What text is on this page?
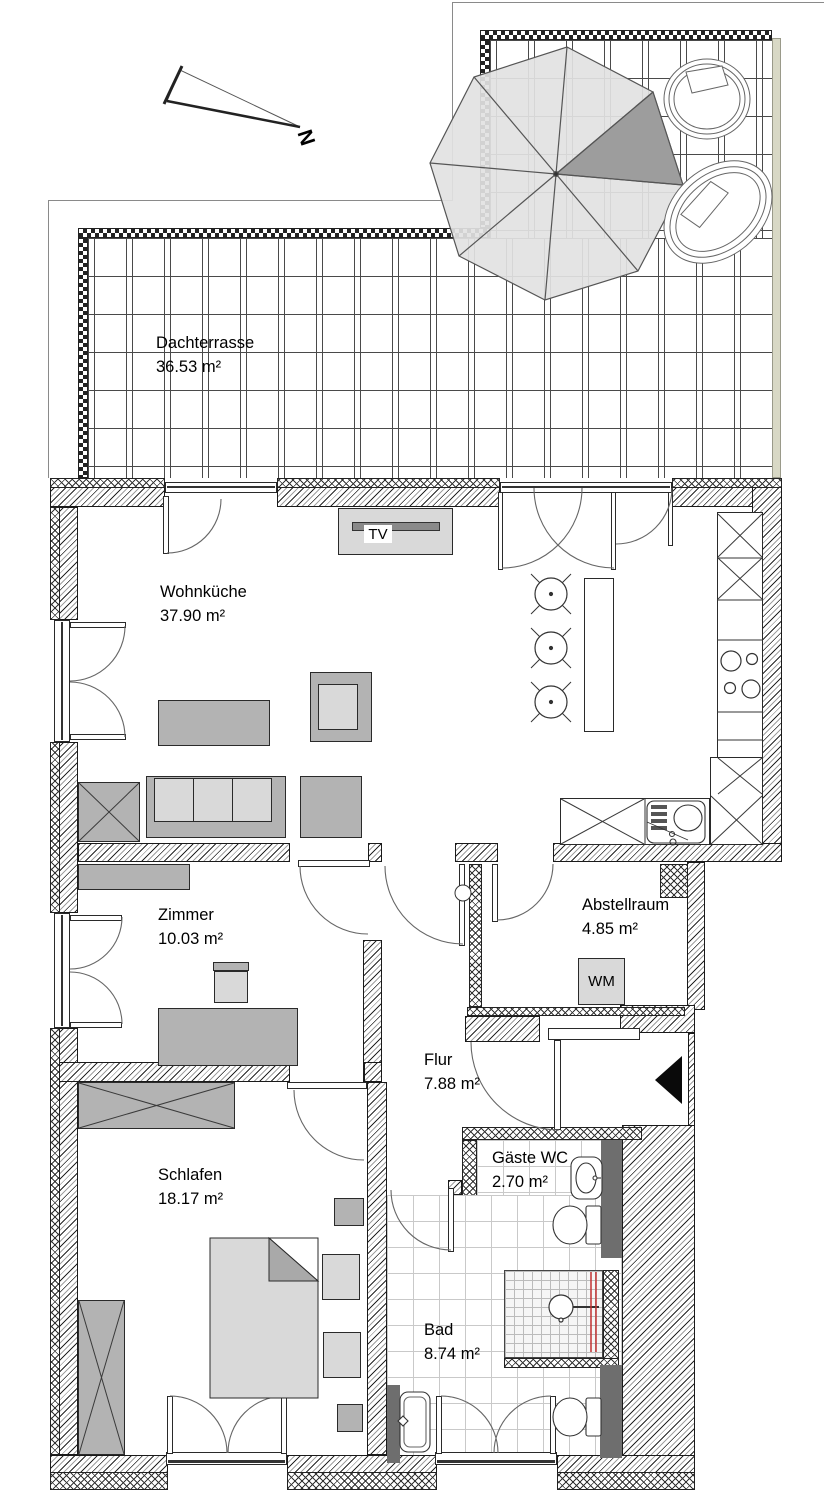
N
Dachterrasse
36.53 m²
Wohnküche
37.90 m²
Zimmer
10.03 m²
Abstellraum
4.85 m²
Flur
7.88 m²
Gäste WC
2.70 m²
Schlafen
18.17 m²
Bad
8.74 m²
TV
WM
